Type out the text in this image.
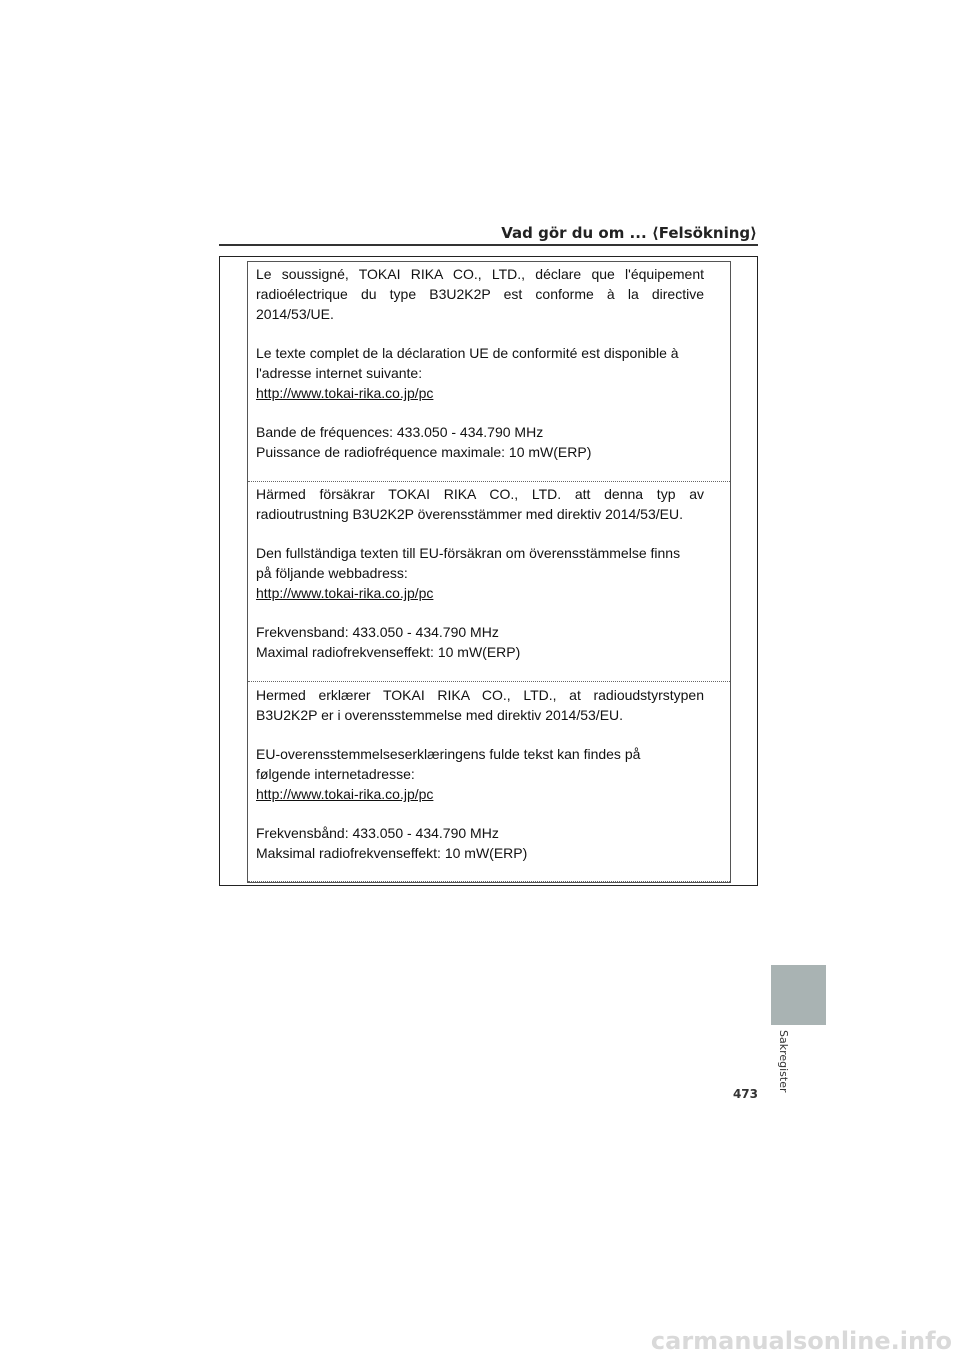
Vad gör du om ... ⟨Felsökning⟩

Le soussigné, TOKAI RIKA CO., LTD., déclare que l'équipement radioélectrique du type B3U2K2P est conforme à la directive 2014/53/UE.

Le texte complet de la déclaration UE de conformité est disponible à
l'adresse internet suivante:
http://www.tokai-rika.co.jp/pc

Bande de fréquences: 433.050 - 434.790 MHz
Puissance de radiofréquence maximale: 10 mW(ERP)

Härmed försäkrar TOKAI RIKA CO., LTD. att denna typ av radioutrustning B3U2K2P överensstämmer med direktiv 2014/53/EU.

Den fullständiga texten till EU-försäkran om överensstämmelse finns
på följande webbadress:
http://www.tokai-rika.co.jp/pc

Frekvensband: 433.050 - 434.790 MHz
Maximal radiofrekvenseffekt: 10 mW(ERP)

Hermed erklærer TOKAI RIKA CO., LTD., at radioudstyrstypen B3U2K2P er i overensstemmelse med direktiv 2014/53/EU.

EU-overensstemmelseserklæringens fulde tekst kan findes på
følgende internetadresse:
http://www.tokai-rika.co.jp/pc

Frekvensbånd: 433.050 - 434.790 MHz
Maksimal radiofrekvenseffekt: 10 mW(ERP)

Sakregister
473
carmanualsonline.info
